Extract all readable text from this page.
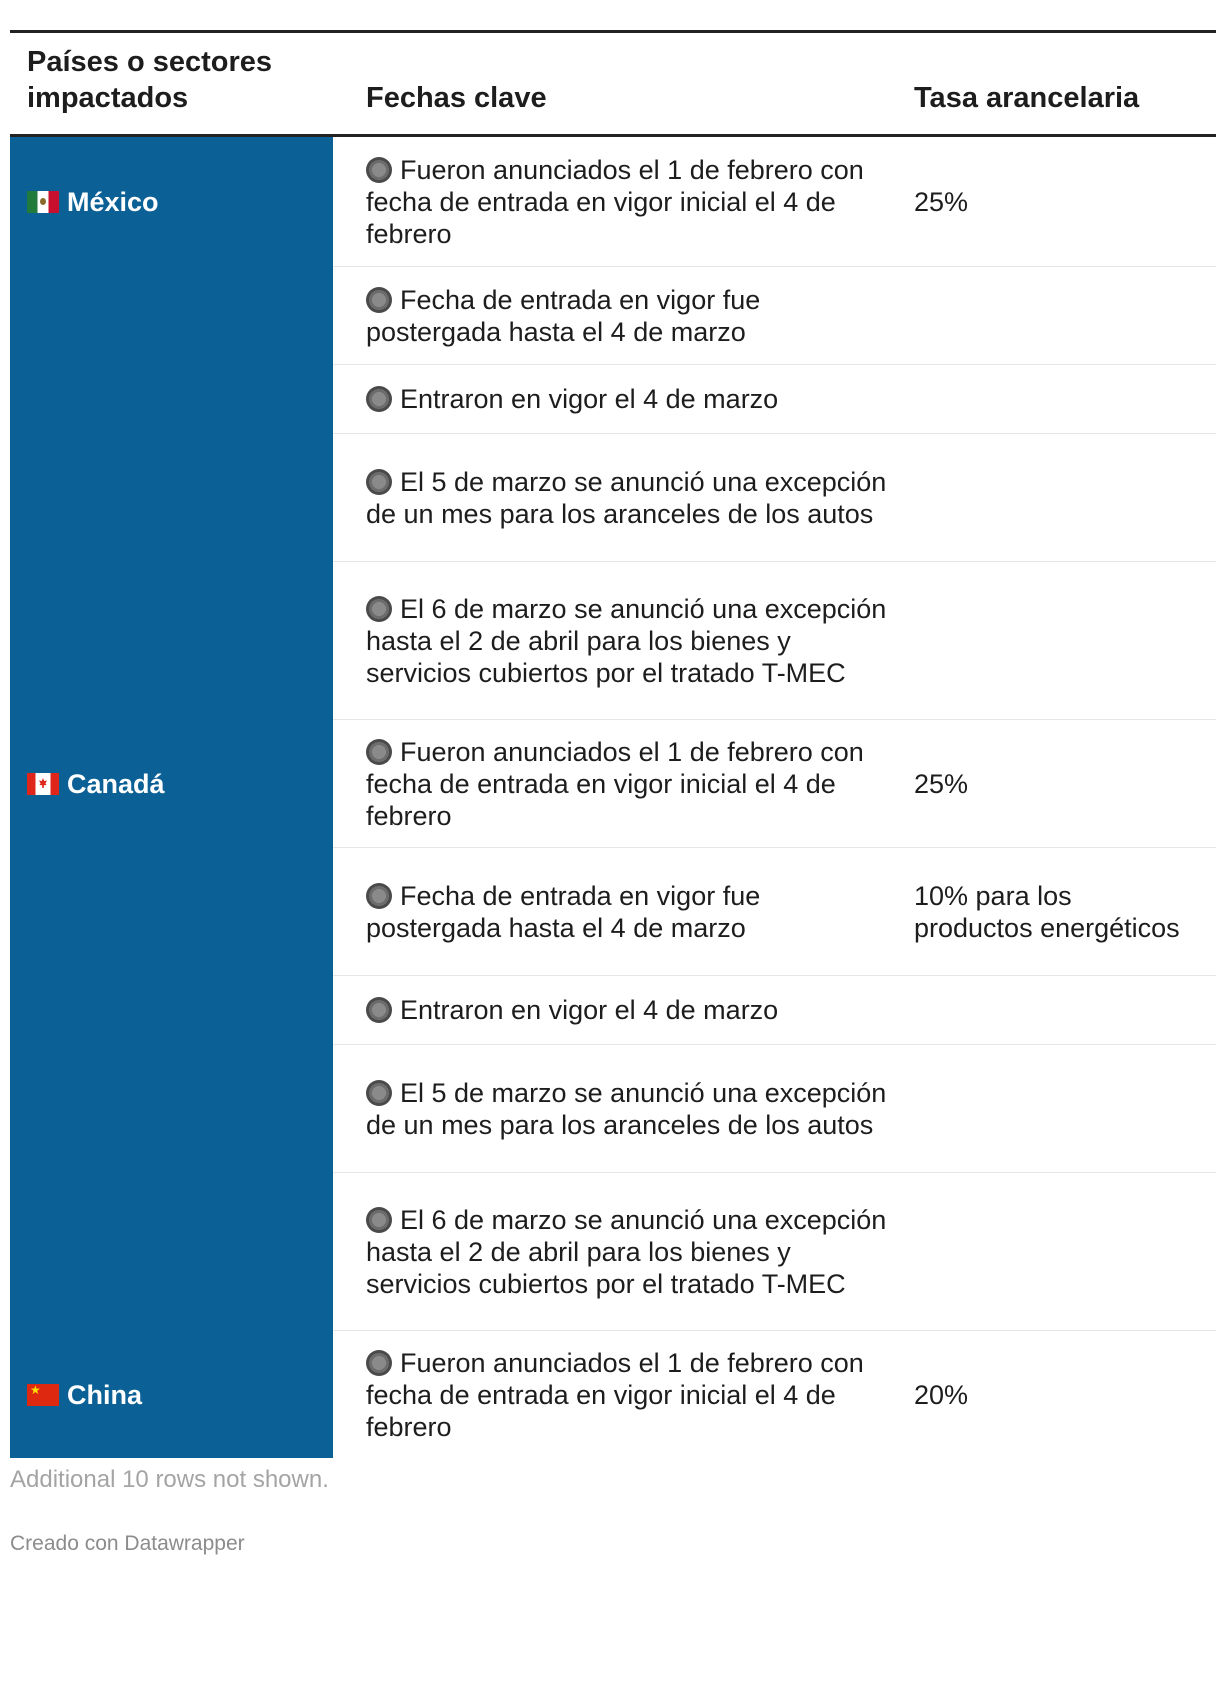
Países o sectores impactados	Fechas clave	Tasa arancelaria
México
Fueron anunciados el 1 de febrero con fecha de entrada en vigor inicial el 4 de febrero
25%
Fecha de entrada en vigor fue postergada hasta el 4 de marzo
Entraron en vigor el 4 de marzo
El 5 de marzo se anunció una excepción de un mes para los aranceles de los autos
El 6 de marzo se anunció una excepción hasta el 2 de abril para los bienes y servicios cubiertos por el tratado T-MEC
Canadá
Fueron anunciados el 1 de febrero con fecha de entrada en vigor inicial el 4 de febrero
25%
Fecha de entrada en vigor fue postergada hasta el 4 de marzo
10% para los productos energéticos
Entraron en vigor el 4 de marzo
El 5 de marzo se anunció una excepción de un mes para los aranceles de los autos
El 6 de marzo se anunció una excepción hasta el 2 de abril para los bienes y servicios cubiertos por el tratado T-MEC
★
China
Fueron anunciados el 1 de febrero con fecha de entrada en vigor inicial el 4 de febrero
20%
Additional 10 rows not shown.
Creado con Datawrapper
